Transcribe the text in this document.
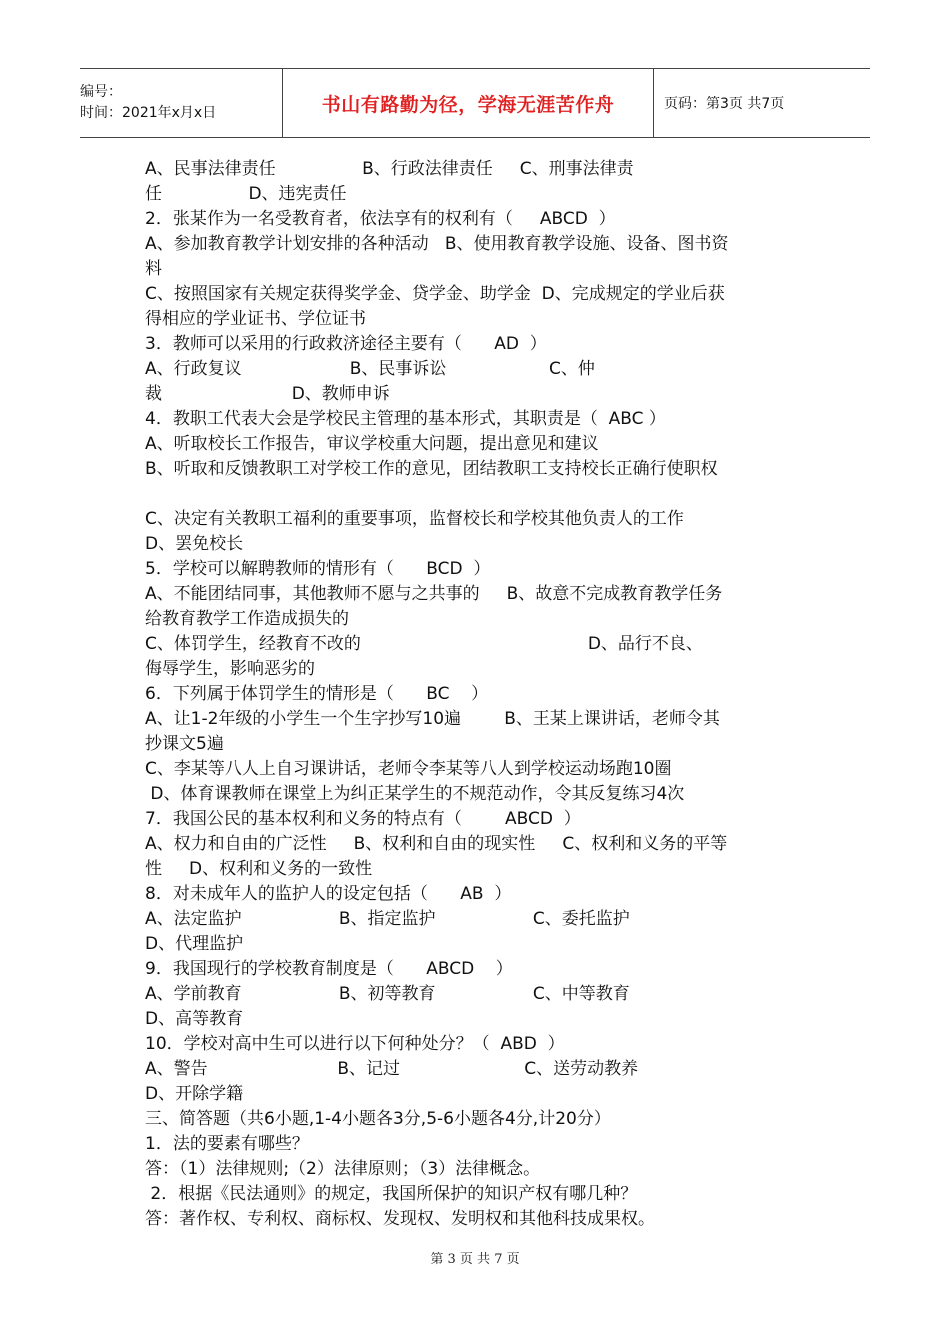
编号：
时间：2021年x月x日	书山有路勤为径，学海无涯苦作舟	页码：第3页 共7页
A、民事法律责任                B、行政法律责任     C、刑事法律责
任                D、违宪责任
2．张某作为一名受教育者，依法享有的权利有（     ABCD  ）
A、参加教育教学计划安排的各种活动   B、使用教育教学设施、设备、图书资
料
C、按照国家有关规定获得奖学金、贷学金、助学金  D、完成规定的学业后获
得相应的学业证书、学位证书
3．教师可以采用的行政救济途径主要有（      AD  ）
A、行政复议                    B、民事诉讼                   C、仲
裁                        D、教师申诉
4．教职工代表大会是学校民主管理的基本形式，其职责是（  ABC ）
A、听取校长工作报告，审议学校重大问题，提出意见和建议
B、听取和反馈教职工对学校工作的意见，团结教职工支持校长正确行使职权
C、决定有关教职工福利的重要事项，监督校长和学校其他负责人的工作
D、罢免校长
5．学校可以解聘教师的情形有（      BCD  ）
A、不能团结同事，其他教师不愿与之共事的     B、故意不完成教育教学任务
给教育教学工作造成损失的
C、体罚学生，经教育不改的                                          D、品行不良、
侮辱学生，影响恶劣的
6．下列属于体罚学生的情形是（      BC    ）
A、让1-2年级的小学生一个生字抄写10遍        B、王某上课讲话，老师令其
抄课文5遍
C、李某等八人上自习课讲话，老师令李某等八人到学校运动场跑10圈
D、体育课教师在课堂上为纠正某学生的不规范动作，令其反复练习4次
7．我国公民的基本权利和义务的特点有（        ABCD  ）
A、权力和自由的广泛性     B、权利和自由的现实性     C、权利和义务的平等
性     D、权利和义务的一致性
8．对未成年人的监护人的设定包括（      AB  ）
A、法定监护                  B、指定监护                  C、委托监护
D、代理监护
9．我国现行的学校教育制度是（      ABCD    ）
A、学前教育                  B、初等教育                  C、中等教育
D、高等教育
10．学校对高中生可以进行以下何种处分？（  ABD  ）
A、警告                        B、记过                       C、送劳动教养
D、开除学籍
三、简答题（共6小题,1-4小题各3分,5-6小题各4分,计20分）
1．法的要素有哪些？
答：（1）法律规则;（2）法律原则；（3）法律概念。
2．根据《民法通则》的规定，我国所保护的知识产权有哪几种？
答：著作权、专利权、商标权、发现权、发明权和其他科技成果权。
第 3 页 共 7 页
